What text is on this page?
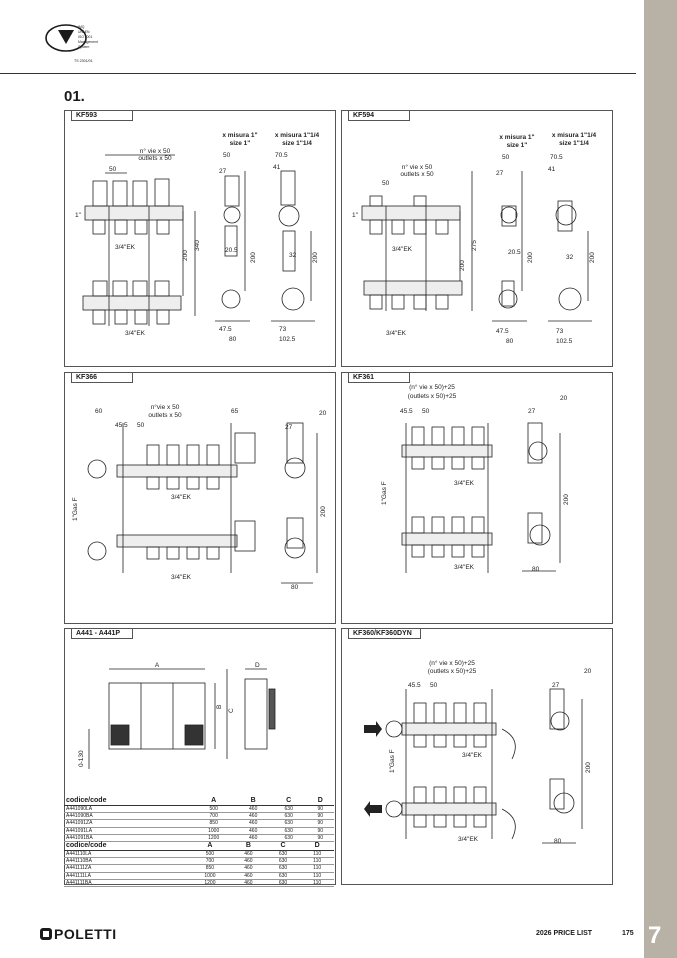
IMQ
UNI EN
ISO 9001
Management
System
TS 2301/01
01.
n° vie x 50
outlets x 50
50
1"
3/4"EK
200
340
x misura 1"
size 1"
x misura 1"1/4
size 1"1/4
50
27
20.5
200
47.5
80
70.5
41
32 200
73
102.5
3/4"EK
KF593
n° vie x 50
outlets x 50
50
1"
3/4"EK
200
275
x misura 1"
size 1"
x misura 1"1/4
size 1"1/4
50
27
20.5 200
47.5
80
70.5
41
32 200
73
102.5
3/4"EK
KF594
n°vie x 50
outlets x 50
60
45.5 50
65	20
27
1"Gas F	3/4"EK
3/4"EK
200
80
KF366
(n° vie x 50)+25
(outlets x 50)+25
45.5 50	27
20
1"Gas F	3/4"EK
3/4"EK
200
80
KF361
A	D
B
C
0-130
A441 - A441P
codice/code	A	B	C	D
A441090LA	500	460	630	90
A441090BA	700	460	630	90
A441091ZA	850	460	630	90
A441091LA	1000	460	630	90
A441091BA	1200	460	630	90
codice/code	A	B	C	D
A441110LA	500	460	630	110
A441110BA	700	460	630	110
A441111ZA	850	460	630	110
A441111LA	1000	460	630	110
A441111BA	1200	460	630	110
(n° vie x 50)+25
(outlets x 50)+25
45.5 50	27
20
1"Gas F	3/4"EK
3/4"EK
200
80
KF360/KF360DYN
POLETTI	2026 PRICE LIST	175 7
